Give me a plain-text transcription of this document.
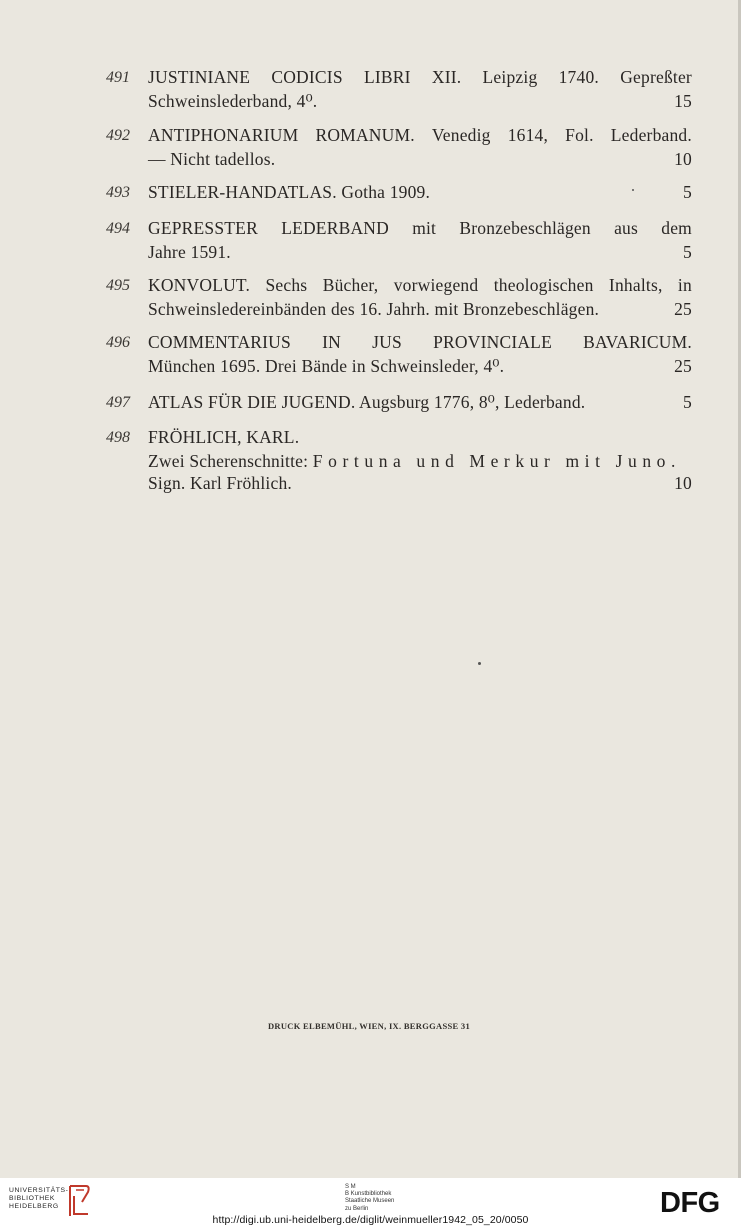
491	JUSTINIANE CODICIS LIBRI XII. Leipzig 1740. Gepreßter
Schweinslederband, 4⁰.	15
492	ANTIPHONARIUM ROMANUM. Venedig 1614, Fol. Lederband.
— Nicht tadellos.	10
493	STIELER-HANDATLAS. Gotha 1909.	5
494	GEPRESSTER LEDERBAND mit Bronzebeschlägen aus dem
Jahre 1591.	5
495	KONVOLUT. Sechs Bücher, vorwiegend theologischen Inhalts, in
Schweinsledereinbänden des 16. Jahrh. mit Bronzebeschlägen.	25
496	COMMENTARIUS IN JUS PROVINCIALE BAVARICUM.
München 1695. Drei Bände in Schweinsleder, 4⁰.	25
497	ATLAS FÜR DIE JUGEND. Augsburg 1776, 8⁰, Lederband.	5
498	FRÖHLICH, KARL.
Zwei Scherenschnitte: Fortuna und Merkur mit Juno.
Sign. Karl Fröhlich.	10
DRUCK ELBEMÜHL, WIEN, IX. BERGGASSE 31
UNIVERSITÄTS-
BIBLIOTHEK
HEIDELBERG
S M
B Kunstbibliothek
Staatliche Museen
zu Berlin	DFG
http://digi.ub.uni-heidelberg.de/diglit/weinmueller1942_05_20/0050
